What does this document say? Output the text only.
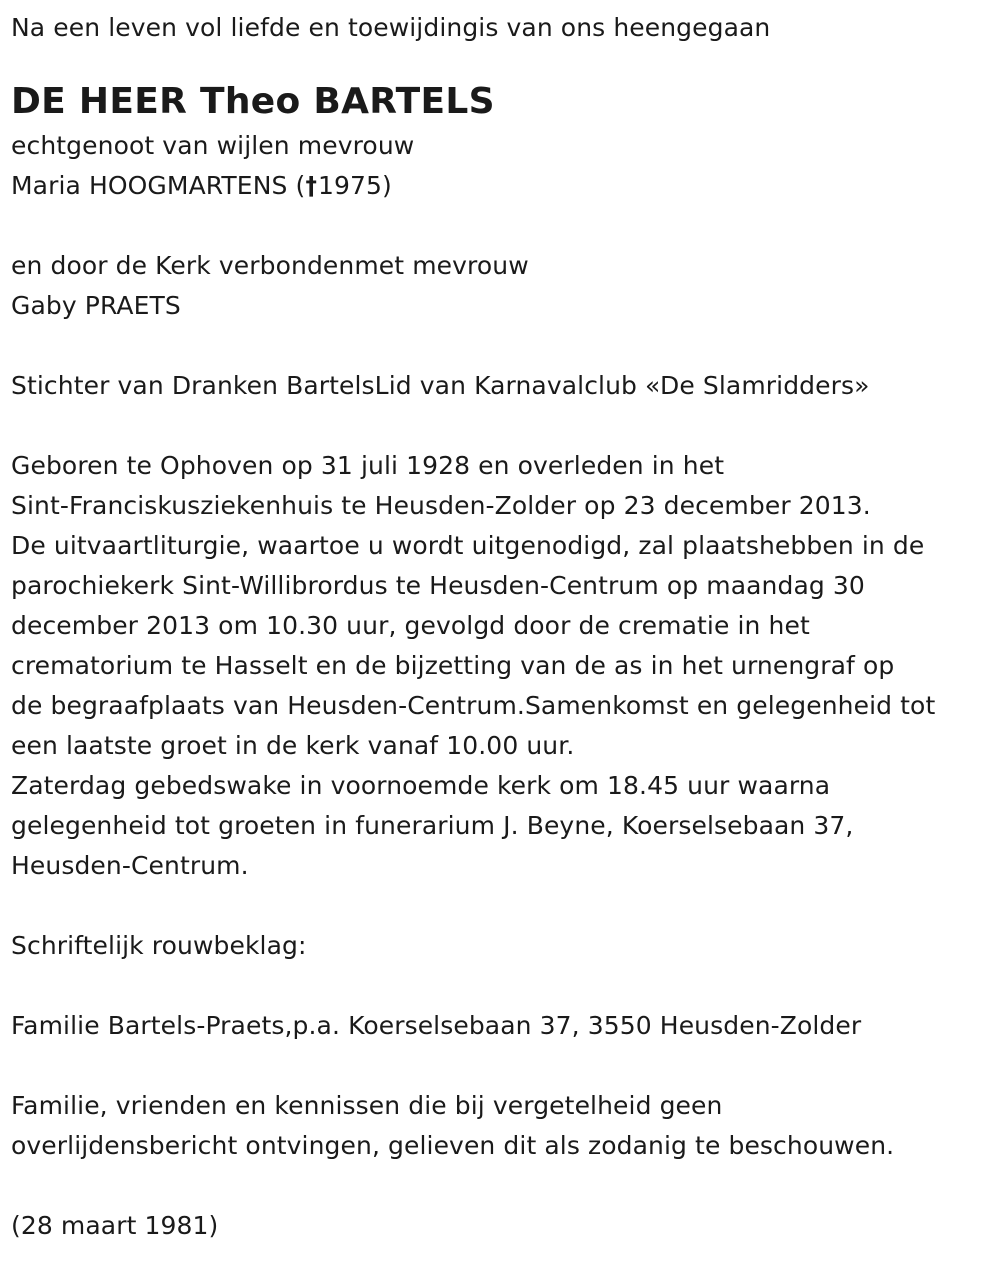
Na een leven vol liefde en toewijdingis van ons heengegaan

DE HEER Theo BARTELS

echtgenoot van wijlen mevrouw

Maria HOOGMARTENS (†1975)

en door de Kerk verbondenmet mevrouw

Gaby PRAETS

Stichter van Dranken BartelsLid van Karnavalclub «De Slamridders»

Geboren te Ophoven op 31 juli 1928 en overleden in het

Sint-Franciskusziekenhuis te Heusden-Zolder op 23 december 2013.

De uitvaartliturgie, waartoe u wordt uitgenodigd, zal plaatshebben in de

parochiekerk Sint-Willibrordus te Heusden-Centrum op maandag 30

december 2013 om 10.30 uur, gevolgd door de crematie in het

crematorium te Hasselt en de bijzetting van de as in het urnengraf op

de begraafplaats van Heusden-Centrum.Samenkomst en gelegenheid tot

een laatste groet in de kerk vanaf 10.00 uur.

Zaterdag gebedswake in voornoemde kerk om 18.45 uur waarna

gelegenheid tot groeten in funerarium J. Beyne, Koerselsebaan 37,

Heusden-Centrum.

Schriftelijk rouwbeklag:

Familie Bartels-Praets,p.a. Koerselsebaan 37, 3550 Heusden-Zolder

Familie, vrienden en kennissen die bij vergetelheid geen

overlijdensbericht ontvingen, gelieven dit als zodanig te beschouwen.

(28 maart 1981)
